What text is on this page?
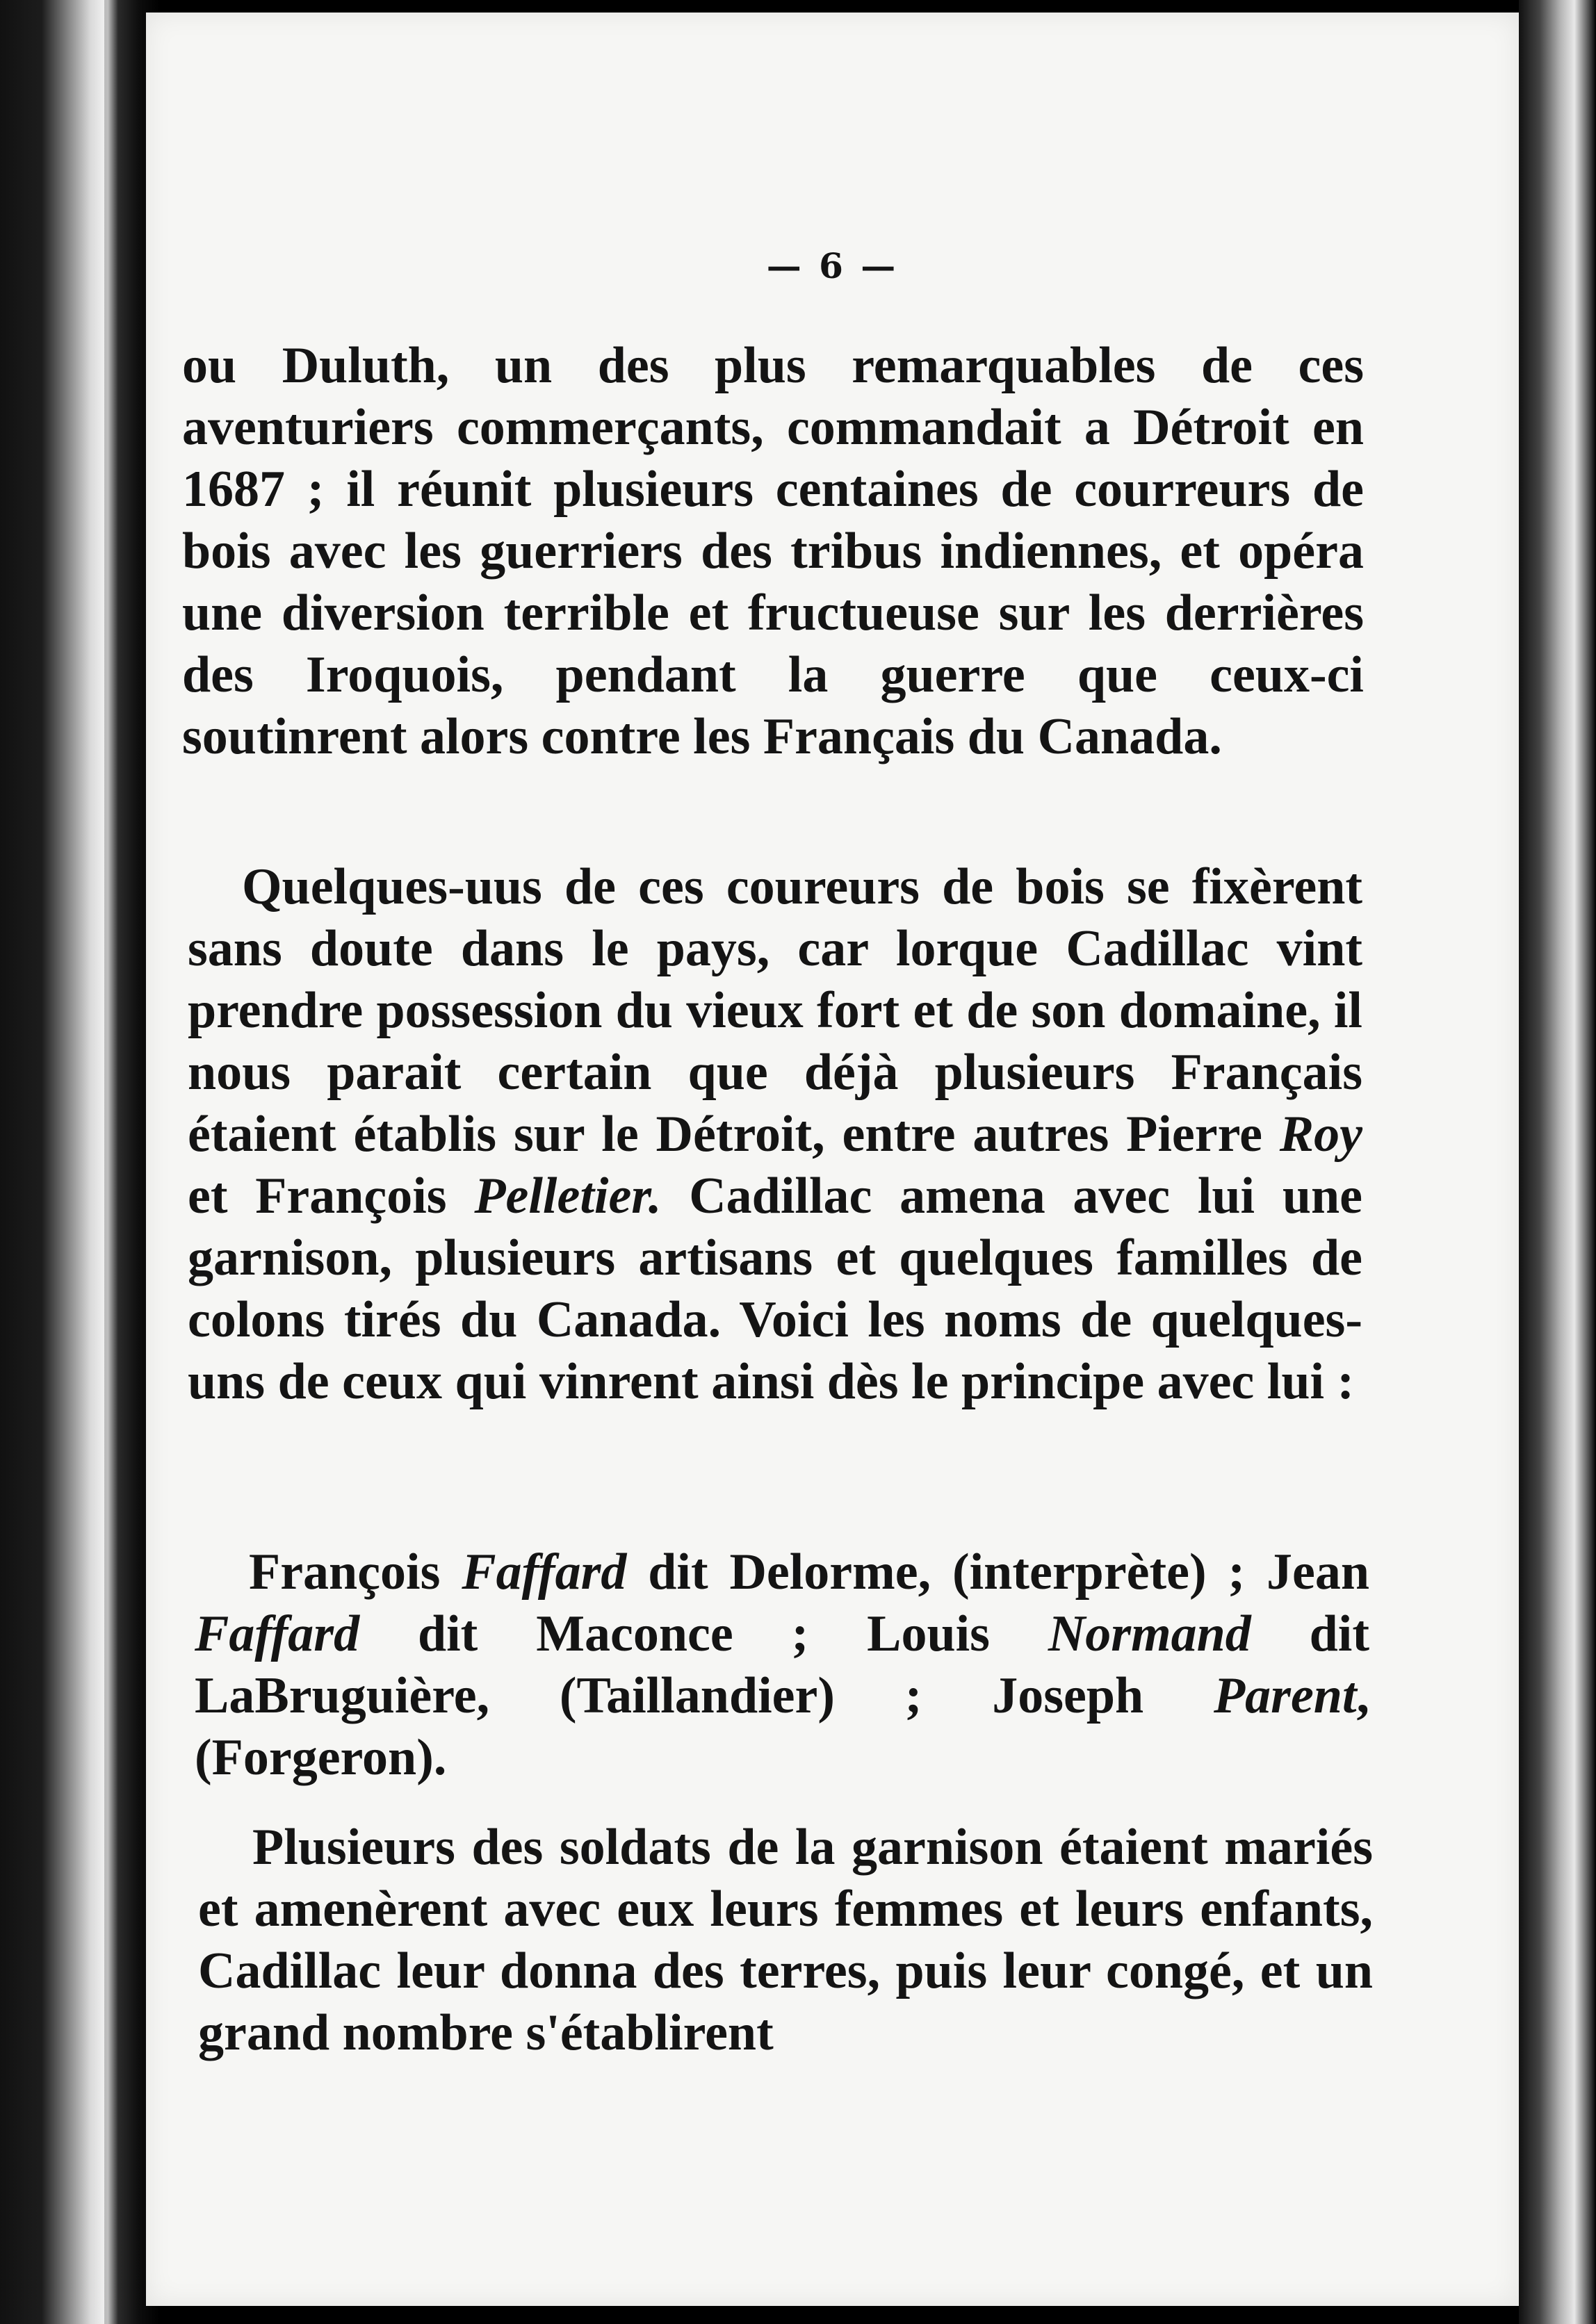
— 6 —

ou Duluth, un des plus remarquables de ces aventuriers commerçants, commandait a Détroit en 1687 ; il réunit plusieurs centaines de courreurs de bois avec les guerriers des tribus indiennes, et opéra une diversion terrible et fructueuse sur les derrières des Iroquois, pendant la guerre que ceux-ci soutinrent alors contre les Français du Canada.

Quelques-uus de ces coureurs de bois se fixèrent sans doute dans le pays, car lorque Cadillac vint prendre possession du vieux fort et de son domaine, il nous parait certain que déjà plusieurs Français étaient établis sur le Détroit, entre autres Pierre Roy et François Pelletier. Cadillac amena avec lui une garnison, plusieurs artisans et quelques familles de colons tirés du Canada. Voici les noms de quelques-uns de ceux qui vinrent ainsi dès le principe avec lui :

François Faffard dit Delorme, (interprète) ; Jean Faffard dit Maconce ; Louis Normand dit LaBruguière, (Taillandier) ; Joseph Parent, (Forgeron).

Plusieurs des soldats de la garnison étaient mariés et amenèrent avec eux leurs femmes et leurs enfants, Cadillac leur donna des terres, puis leur congé, et un grand nombre s'établirent
